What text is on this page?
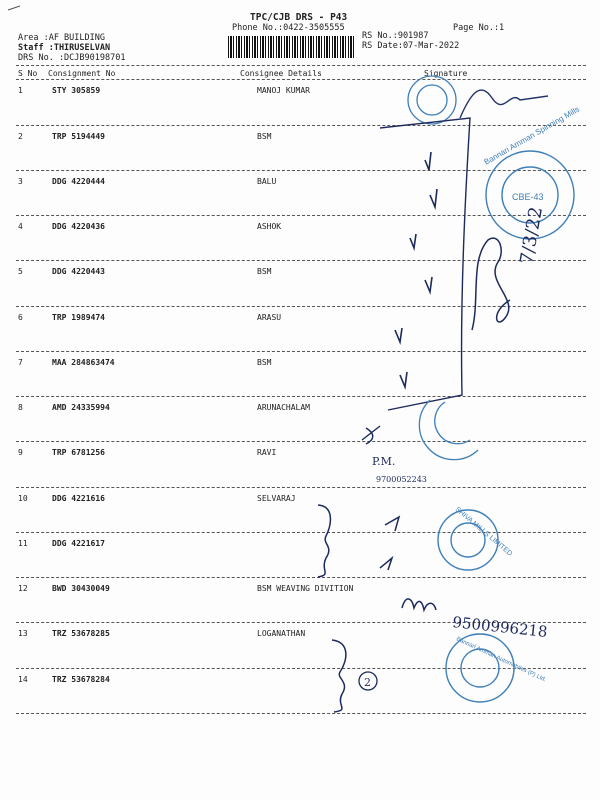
TPC/CJB DRS - P43
Phone No.:0422-3505555	Page No.:1
Area :AF BUILDING
Staff :THIRUSELVAN
DRS No. :DCJB90198701
RS No.:901987
RS Date:07-Mar-2022
S No Consignment No	Consignee Details	Signature
1	STY 305859	MANOJ KUMAR
2	TRP 5194449	BSM
3	DDG 4220444	BALU
4	DDG 4220436	ASHOK
5	DDG 4220443	BSM
6	TRP 1989474	ARASU
7	MAA 284863474	BSM
8	AMD 24335994	ARUNACHALAM
9	TRP 6781256	RAVI
10	DDG 4221616	SELVARAJ
11	DDG 4221617
12	BWD 30430049	BSM WEAVING DIVITION
13	TRZ 53678285	LOGANATHAN
14	TRZ 53678284
Bannari Amman Spinning Mills
CBE-43
7/3/22
P.M.
9700052243
SHIVA MILLS LIMITED
9500996218
2	Bannari Amman Automobiles (P) Ltd.
